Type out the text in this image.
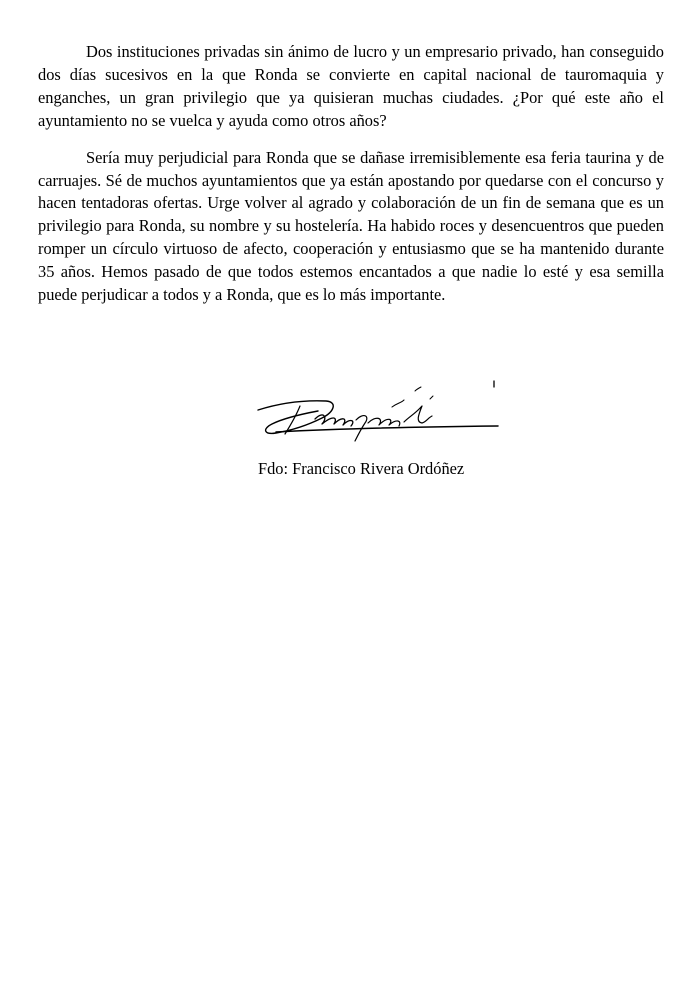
Dos instituciones privadas sin ánimo de lucro y un empresario privado, han conseguido dos días sucesivos en la que Ronda se convierte en capital nacional de tauromaquia y enganches, un gran privilegio que ya quisieran muchas ciudades. ¿Por qué este año el ayuntamiento no se vuelca y ayuda como otros años?

Sería muy perjudicial para Ronda que se dañase irremisiblemente esa feria taurina y de carruajes. Sé de muchos ayuntamientos que ya están apostando por quedarse con el concurso y hacen tentadoras ofertas. Urge volver al agrado y colaboración de un fin de semana que es un privilegio para Ronda, su nombre y su hostelería. Ha habido roces y desencuentros que pueden romper un círculo virtuoso de afecto, cooperación y entusiasmo que se ha mantenido durante 35 años. Hemos pasado de que todos estemos encantados a que nadie lo esté y esa semilla puede perjudicar a todos y a Ronda, que es lo más importante.

Fdo: Francisco Rivera Ordóñez
